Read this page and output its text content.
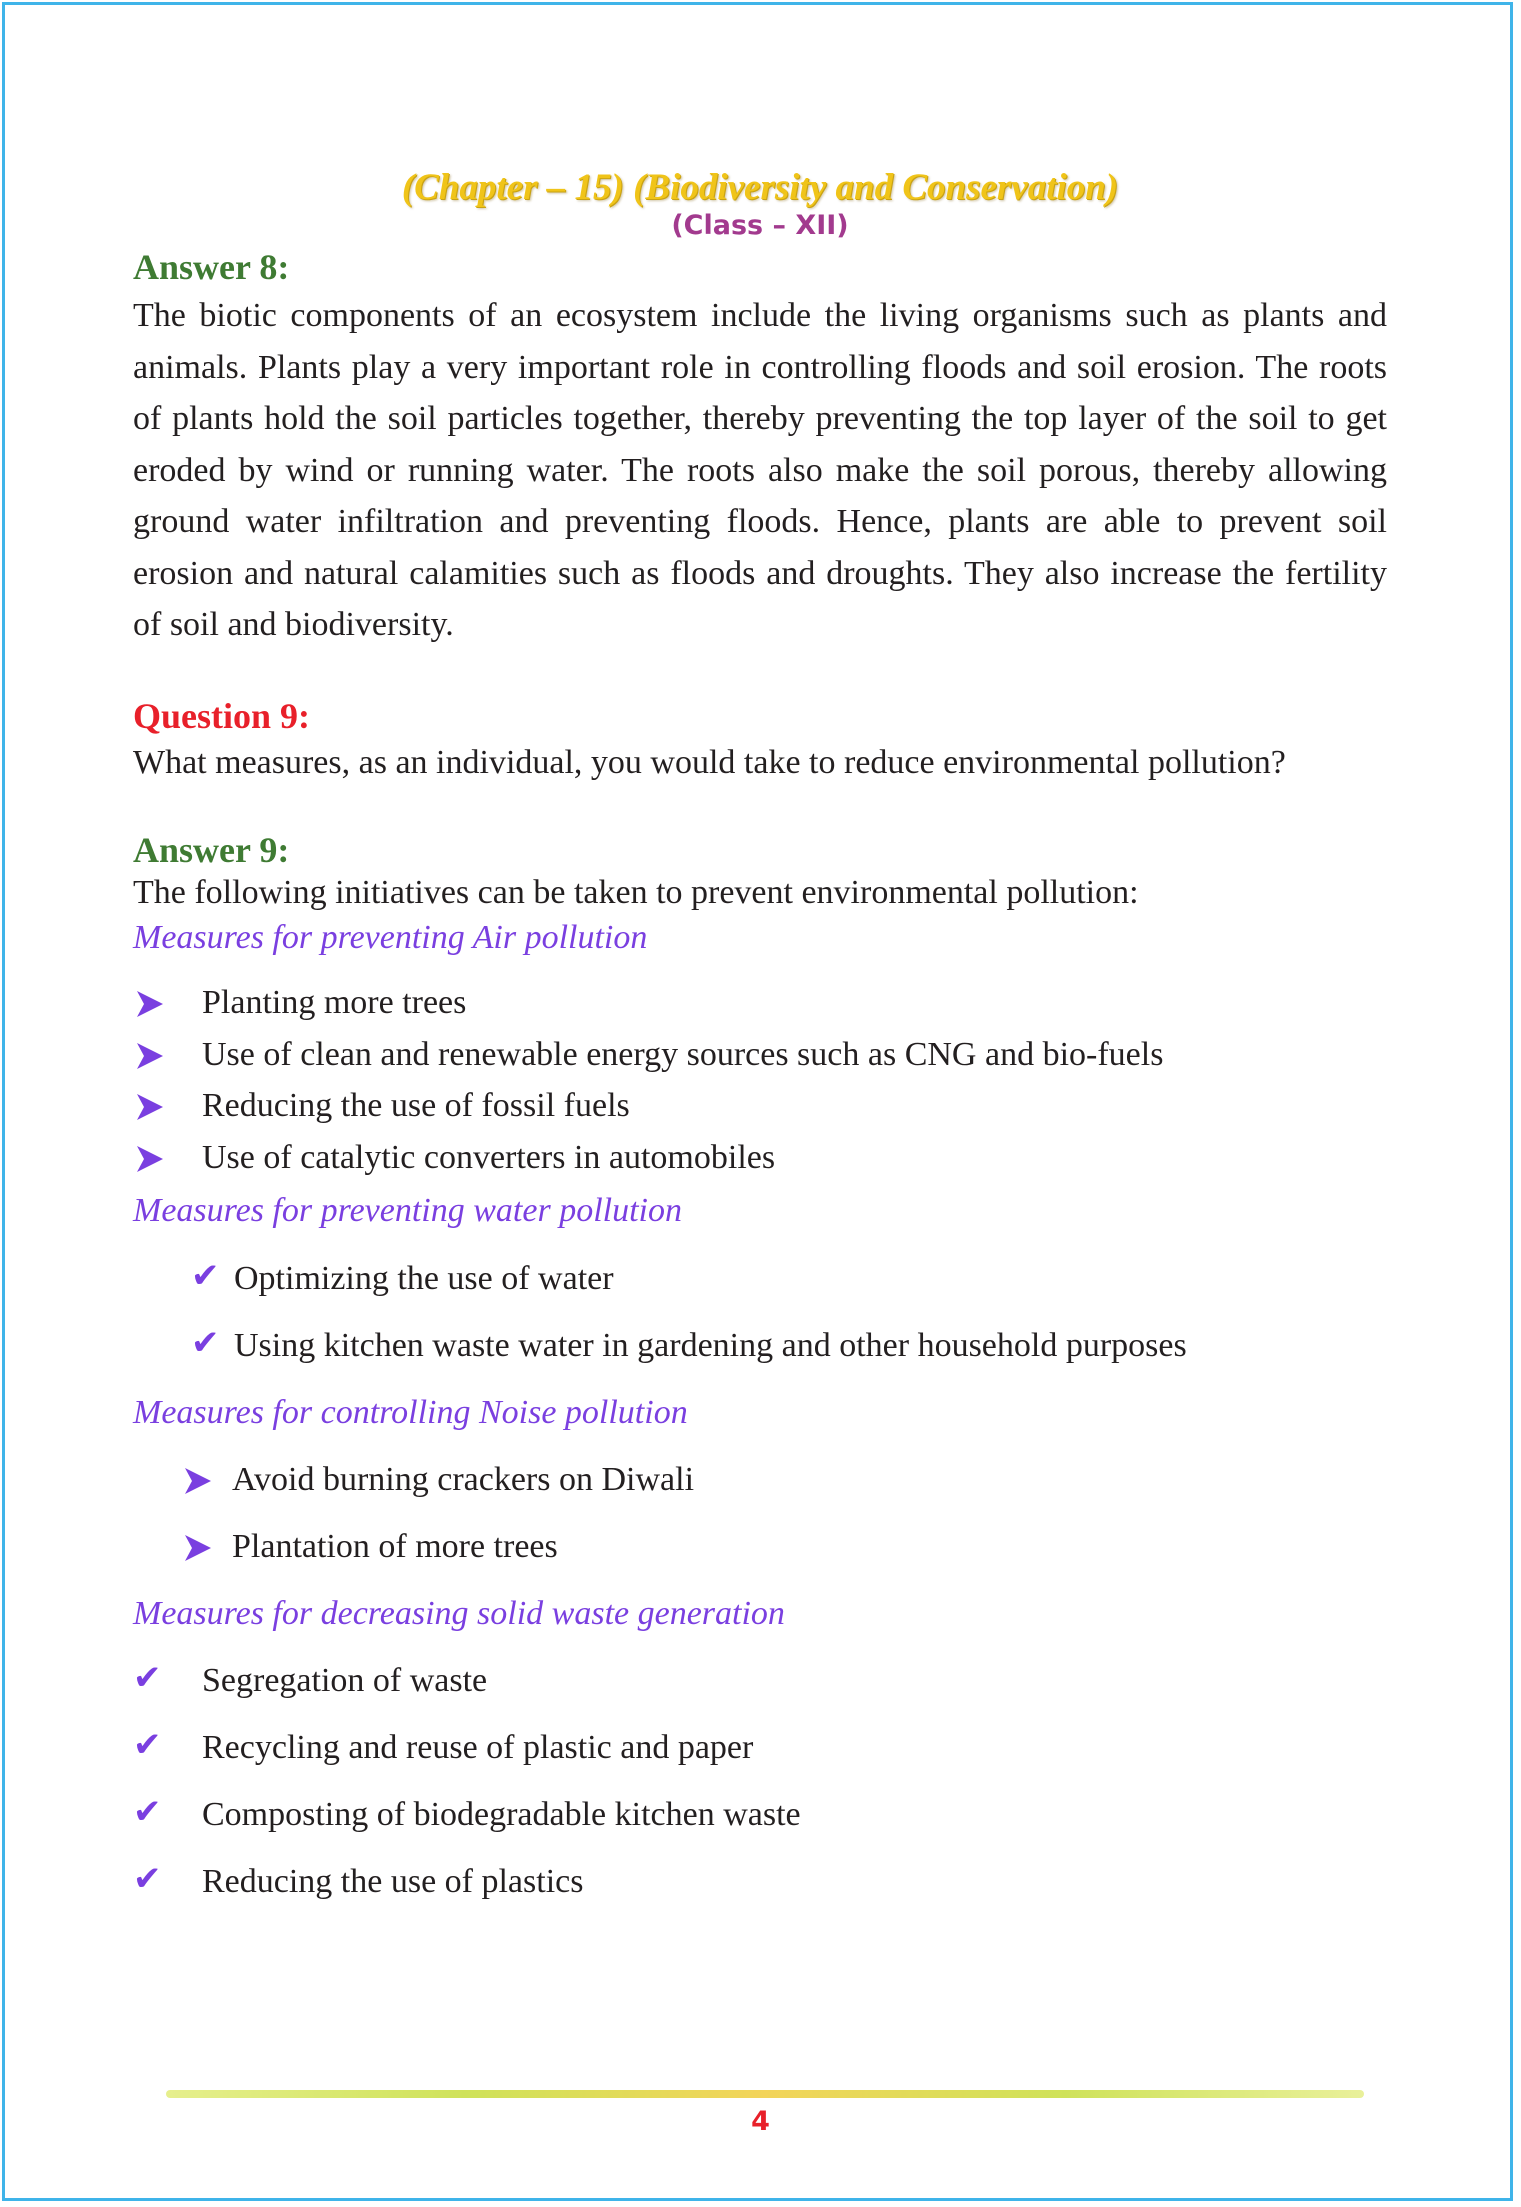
(Chapter – 15) (Biodiversity and Conservation)
(Class – XII)
Answer 8:
The biotic components of an ecosystem include the living organisms such as plants and animals. Plants play a very important role in controlling floods and soil erosion. The roots of plants hold the soil particles together, thereby preventing the top layer of the soil to get eroded by wind or running water. The roots also make the soil porous, thereby allowing ground water infiltration and preventing floods. Hence, plants are able to prevent soil erosion and natural calamities such as floods and droughts. They also increase the fertility of soil and biodiversity.
Question 9:
What measures, as an individual, you would take to reduce environmental pollution?
Answer 9:
The following initiatives can be taken to prevent environmental pollution:
Measures for preventing Air pollution
Planting more trees
Use of clean and renewable energy sources such as CNG and bio-fuels
Reducing the use of fossil fuels
Use of catalytic converters in automobiles
Measures for preventing water pollution
✔ Optimizing the use of water
✔ Using kitchen waste water in gardening and other household purposes
Measures for controlling Noise pollution
Avoid burning crackers on Diwali
Plantation of more trees
Measures for decreasing solid waste generation
✔ Segregation of waste
✔ Recycling and reuse of plastic and paper
✔ Composting of biodegradable kitchen waste
✔ Reducing the use of plastics
4
